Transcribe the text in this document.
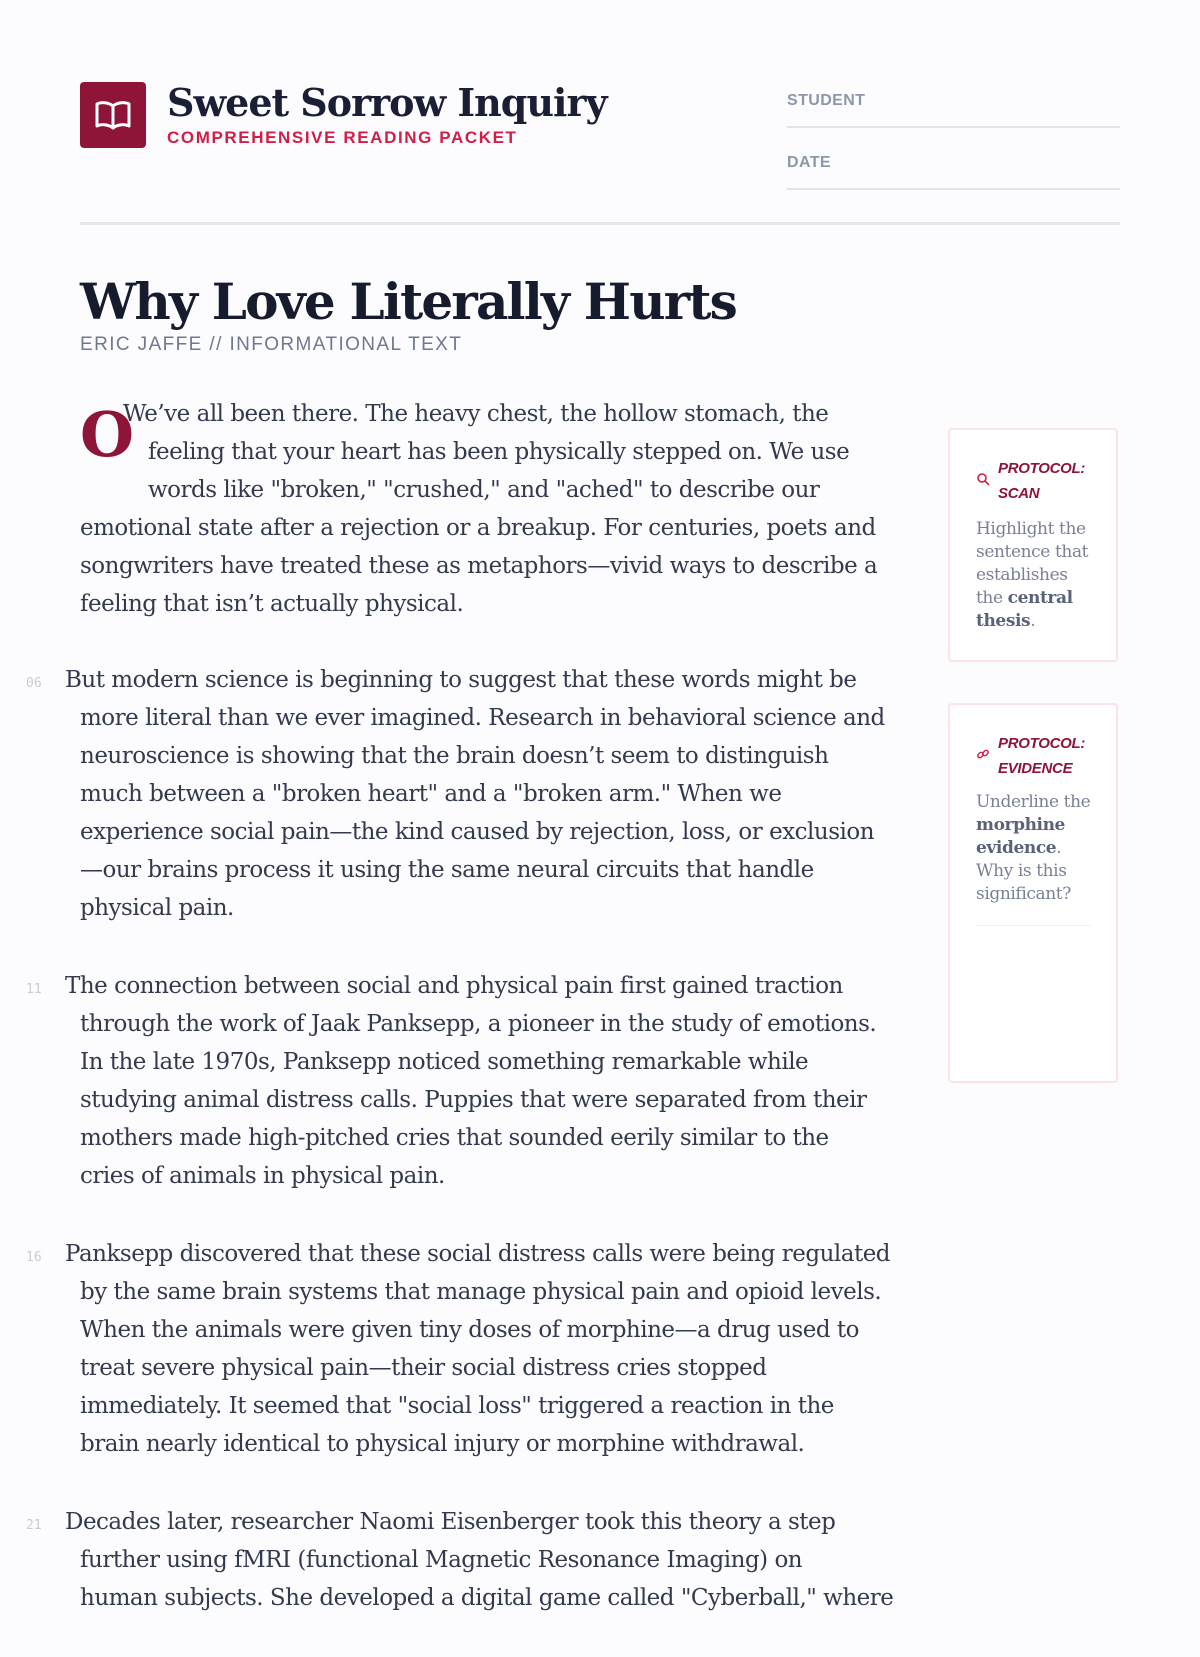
Sweet Sorrow Inquiry
COMPREHENSIVE READING PACKET
STUDENT
DATE
Why Love Literally Hurts
ERIC JAFFE // INFORMATIONAL TEXT

O
We’ve all been there. The heavy chest, the hollow stomach, the
feeling that your heart has been physically stepped on. We use
words like "broken," "crushed," and "ached" to describe our
emotional state after a rejection or a breakup. For centuries, poets and
songwriters have treated these as metaphors—vivid ways to describe a
feeling that isn’t actually physical.

06	But modern science is beginning to suggest that these words might be
more literal than we ever imagined. Research in behavioral science and
neuroscience is showing that the brain doesn’t seem to distinguish
much between a "broken heart" and a "broken arm." When we
experience social pain—the kind caused by rejection, loss, or exclusion
—our brains process it using the same neural circuits that handle
physical pain.

11	The connection between social and physical pain first gained traction
through the work of Jaak Panksepp, a pioneer in the study of emotions.
In the late 1970s, Panksepp noticed something remarkable while
studying animal distress calls. Puppies that were separated from their
mothers made high-pitched cries that sounded eerily similar to the
cries of animals in physical pain.

16	Panksepp discovered that these social distress calls were being regulated
by the same brain systems that manage physical pain and opioid levels.
When the animals were given tiny doses of morphine—a drug used to
treat severe physical pain—their social distress cries stopped
immediately. It seemed that "social loss" triggered a reaction in the
brain nearly identical to physical injury or morphine withdrawal.

21	Decades later, researcher Naomi Eisenberger took this theory a step
further using fMRI (functional Magnetic Resonance Imaging) on
human subjects. She developed a digital game called "Cyberball," where

PROTOCOL:
SCAN
Highlight the sentence that establishes the central thesis.
PROTOCOL:
EVIDENCE
Underline the morphine evidence. Why is this significant?
